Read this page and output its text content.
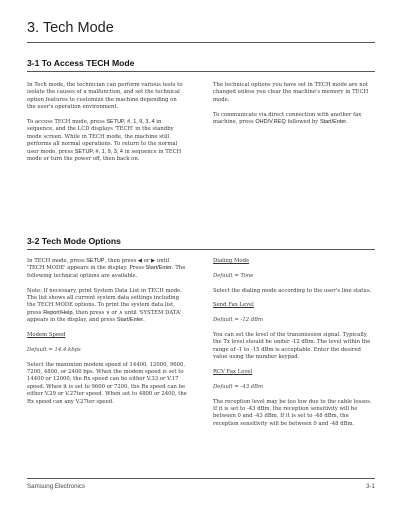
3. Tech Mode
3-1 To Access TECH Mode

In Tech mode, the technician can perform various tests to isolate the causes of a malfunction, and set the technical option features to customize the machine depending on the user's operation environment.

To access TECH mode, press SETUP, #, 1, 9, 3, 4 in sequence, and the LCD displays 'TECH' in the standby mode screen. While in TECH mode, the machine still performs all normal operations. To return to the normal user mode, press SETUP, #, 1, 9, 3, 4 in sequence in TECH mode or turn the power off, then back on.

The technical options you have set in TECH mode are not changed unless you clear the machine's memory in TECH mode.

To communicate via direct connection with another fax machine, press OHD/V.REQ followed by Start/Enter.

3-2 Tech Mode Options

In TECH mode, press SETUP, then press ◀ or ▶ until 'TECH MODE' appears in the display. Press Start/Enter. The following technical options are available.

Note: If necessary, print System Data List in TECH mode. The list shows all current system data settings including the TECH MODE options. To print the system data list, press Report/Help, then press ∨ or ∧ until 'SYSTEM DATA' appears in the display, and press Start/Enter.

Modem Speed

Default = 14.4 kbps

Select the maximum modem speed of 14400, 12000, 9600, 7200, 4800, or 2400 bps. When the modem speed is set to 14400 or 12000, the Rx speed can be either V.33 or V.17 speed. When it is set to 9600 or 7200, the Rx speed can be either V.29 or V.27ter speed. When set to 4800 or 2400, the Rx speed can any V.27ter speed.

Dialing Mode

Default = Tone

Select the dialing mode according to the user's line status.

Send Fax Level

Default = -12 dBm

You can set the level of the transmission signal. Typically, the Tx level should be under -12 dBm. The level within the range of -1 to -15 dBm is acceptable. Enter the desired value using the number keypad.

RCV Fax Level

Default = -43 dBm

The reception level may be too low due to the cable losses. If it is set to -43 dBm, the reception sensitivity will be between 0 and -43 dBm. If it is set to -48 dBm, the reception sensitivity will be between 0 and -48 dBm.

Samsung Electronics	3-1
